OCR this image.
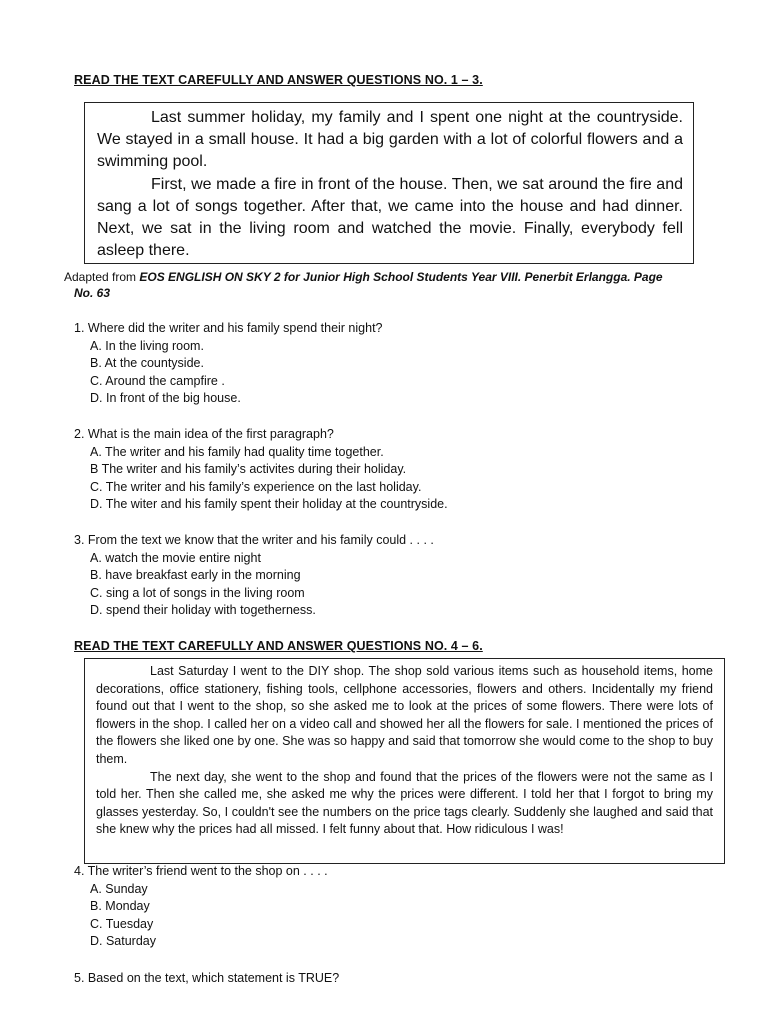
READ THE TEXT CAREFULLY AND ANSWER QUESTIONS NO. 1 – 3.

Last summer holiday, my family and I spent one night at the countryside. We stayed in a small house. It had a big garden with a lot of colorful flowers and a swimming pool.

First, we made a fire in front of the house. Then, we sat around the fire and sang a lot of songs together. After that, we came into the house and had dinner. Next, we sat in the living room and watched the movie. Finally, everybody fell asleep there.

Adapted from EOS ENGLISH ON SKY 2 for Junior High School Students Year VIII. Penerbit Erlangga. Page
No. 63
1. Where did the writer and his family spend their night?
A. In the living room.
B. At the countyside.
C. Around the campfire .
D. In front of the big house.
2. What is the main idea of the first paragraph?
A. The writer and his family had quality time together.
B The writer and his family’s activites during their holiday.
C. The writer and his family’s experience on the last holiday.
D. The witer and his family spent their holiday at the countryside.
3. From the text we know that the writer and his family could . . . .
A. watch the movie entire night
B. have breakfast early in the morning
C. sing a lot of songs in the living room
D. spend their holiday with togetherness.
READ THE TEXT CAREFULLY AND ANSWER QUESTIONS NO. 4 – 6.

Last Saturday I went to the DIY shop. The shop sold various items such as household items, home decorations, office stationery, fishing tools, cellphone accessories, flowers and others. Incidentally my friend found out that I went to the shop, so she asked me to look at the prices of some flowers. There were lots of flowers in the shop. I called her on a video call and showed her all the flowers for sale. I mentioned the prices of the flowers she liked one by one. She was so happy and said that tomorrow she would come to the shop to buy them.

The next day, she went to the shop and found that the prices of the flowers were not the same as I told her. Then she called me, she asked me why the prices were different. I told her that I forgot to bring my glasses yesterday. So, I couldn't see the numbers on the price tags clearly. Suddenly she laughed and said that she knew why the prices had all missed. I felt funny about that. How ridiculous I was!

4. The writer’s friend went to the shop on . . . .
A. Sunday
B. Monday
C. Tuesday
D. Saturday
5. Based on the text, which statement is TRUE?
